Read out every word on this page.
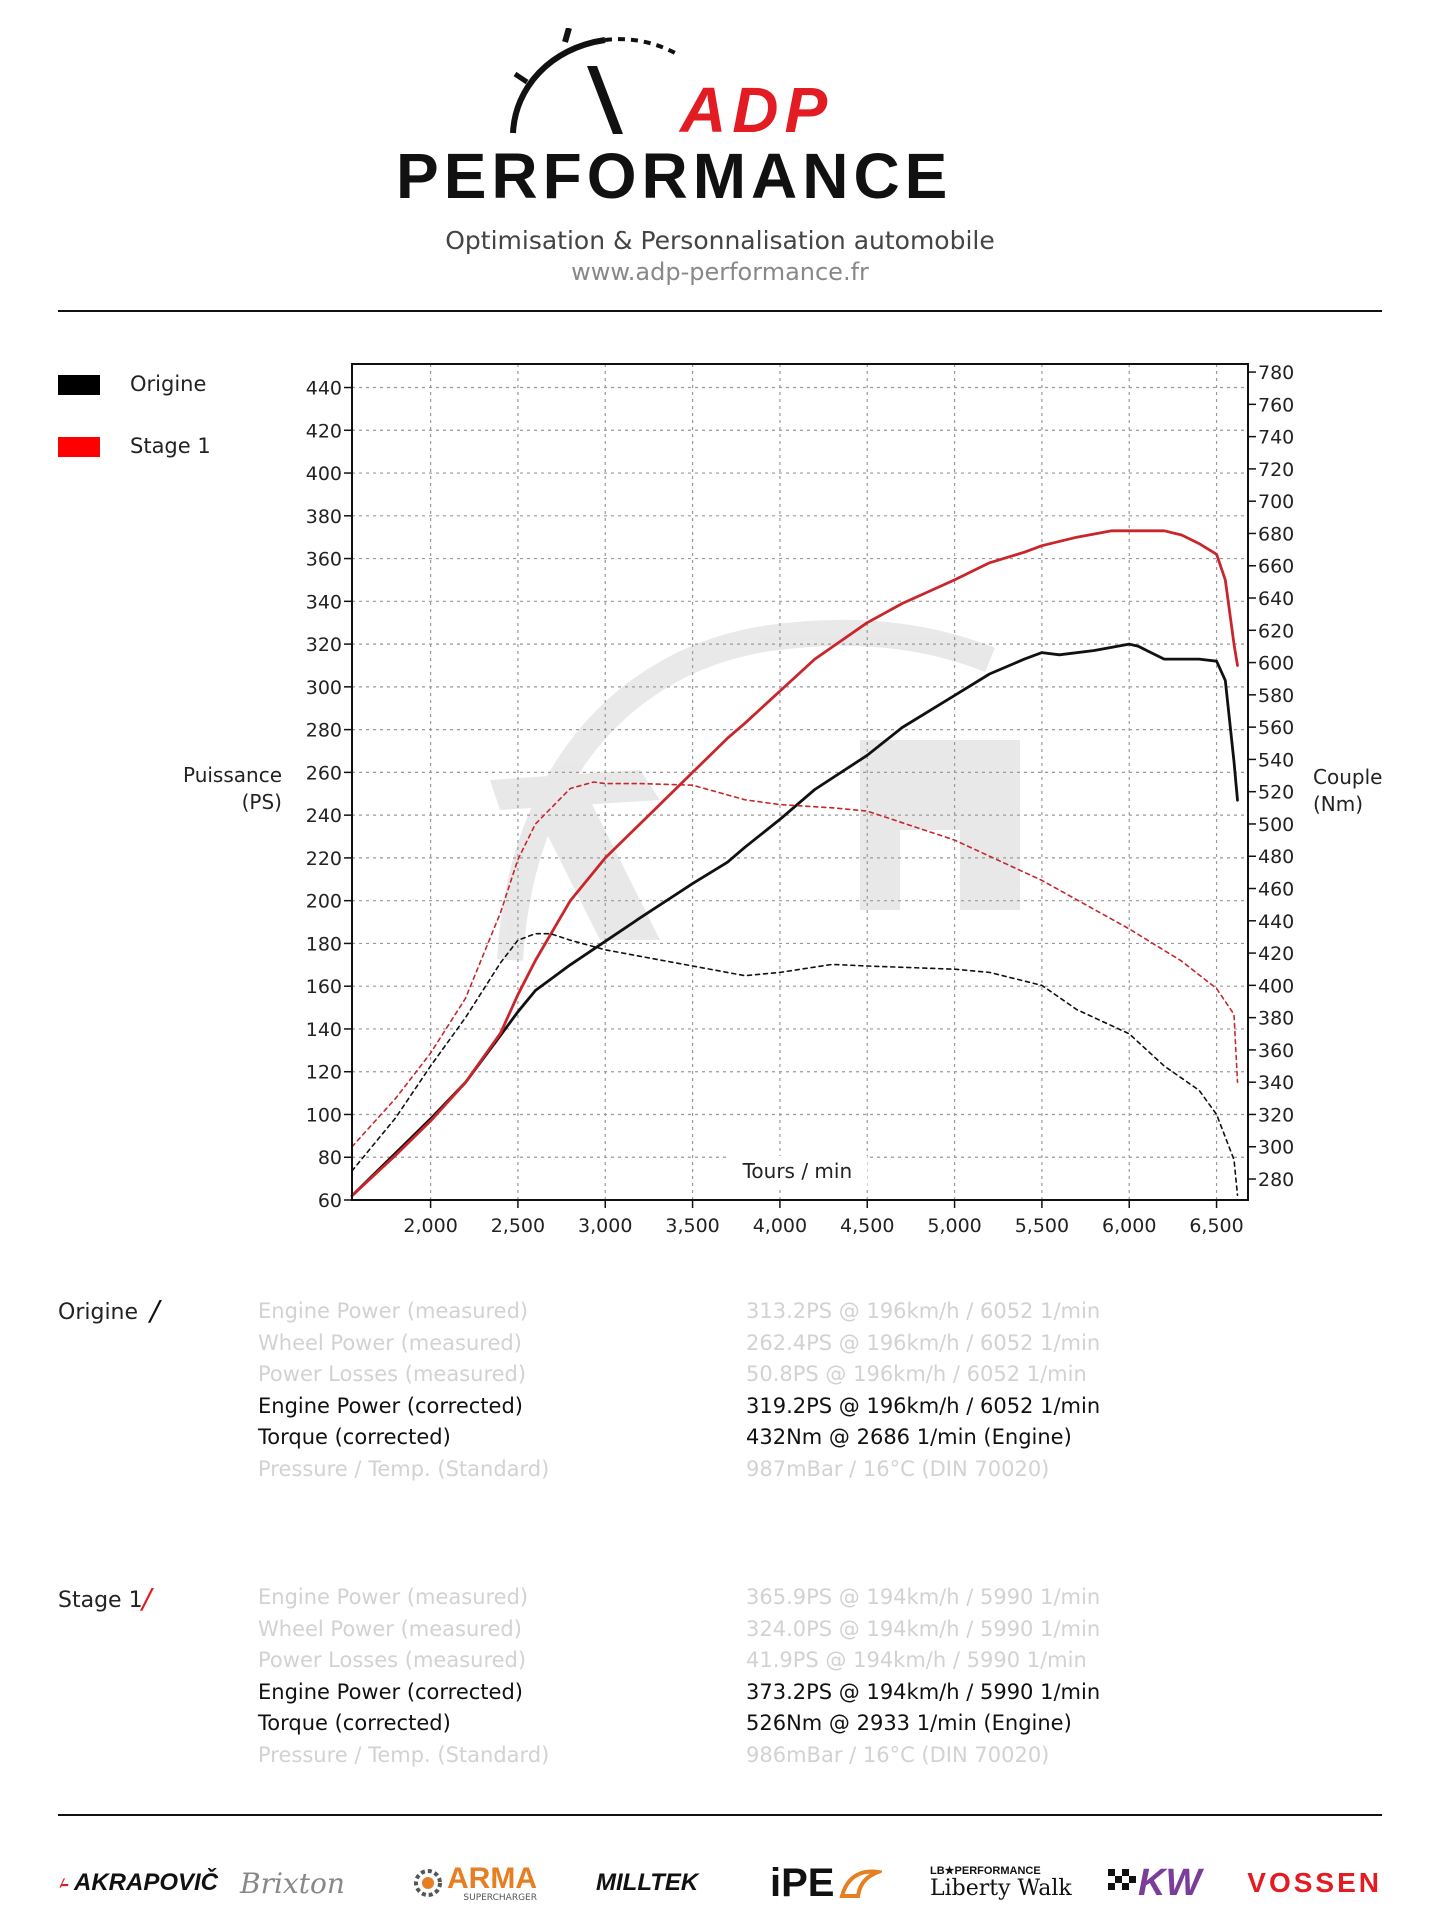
ADP
PERFORMANCE
Optimisation & Personnalisation automobile
www.adp-performance.fr
Origine
Stage 1
Puissance
(PS)
Couple
(Nm)
2,000 2,500 3,000 3,500 4,000 4,500 5,000 5,500 6,000 6,500
440
420
400
380
360
340
320
300
280
260
240
220
200
180
160
140
120
100
80
60
780
760
740
720
700
680
660
640
620
600
580
560
540
520
500
480
460
440
420
400
380
360
340
320
300
280
Tours / min
Origine /	Engine Power (measured)	313.2PS @ 196km/h / 6052 1/min
Wheel Power (measured)	262.4PS @ 196km/h / 6052 1/min
Power Losses (measured)	50.8PS @ 196km/h / 6052 1/min
Engine Power (corrected)	319.2PS @ 196km/h / 6052 1/min
Torque (corrected)	432Nm @ 2686 1/min (Engine)
Pressure / Temp. (Standard)	987mBar / 16°C (DIN 70020)
Stage 1 /	Engine Power (measured)	365.9PS @ 194km/h / 5990 1/min
Wheel Power (measured)	324.0PS @ 194km/h / 5990 1/min
Power Losses (measured)	41.9PS @ 194km/h / 5990 1/min
Engine Power (corrected)	373.2PS @ 194km/h / 5990 1/min
Torque (corrected)	526Nm @ 2933 1/min (Engine)
Pressure / Temp. (Standard)	986mBar / 16°C (DIN 70020)
AKRAPOVIČ Brixton	ARMA
SUPERCHARGER
MILLTEK	iPE	LB★PERFORMANCE
Liberty Walk KW	VOSSEN
